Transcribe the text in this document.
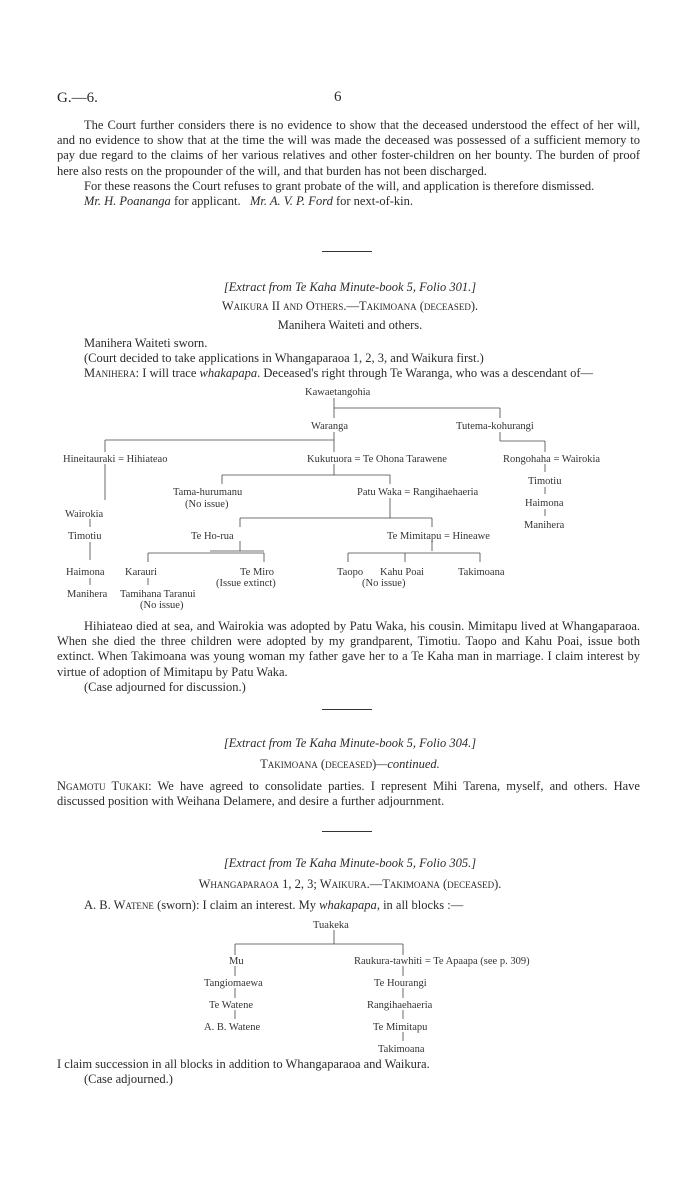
G.—6.	6

The Court further considers there is no evidence to show that the deceased understood the effect of her will, and no evidence to show that at the time the will was made the deceased was possessed of a sufficient memory to pay due regard to the claims of her various relatives and other foster-children on her bounty. The burden of proof here also rests on the propounder of the will, and that burden has not been discharged.

For these reasons the Court refuses to grant probate of the will, and application is therefore dismissed.

Mr. H. Poananga for applicant. Mr. A. V. P. Ford for next-of-kin.

[Extract from Te Kaha Minute-book 5, Folio 301.]
Waikura II and Others.—Takimoana (deceased).
Manihera Waiteti and others.

Manihera Waiteti sworn.

(Court decided to take applications in Whangaparaoa 1, 2, 3, and Waikura first.)

Manihera: I will trace whakapapa. Deceased's right through Te Waranga, who was a descendant of—

Kawaetangohia
Waranga	Tutema-kohurangi
Hineitauraki = Hihiateao	Kukutuora = Te Ohona Tarawene	Rongohaha = Wairokia
Timotiu
Tama-hurumanu
(No issue)
Patu Waka = Rangihaehaeria
Haimona
Wairokia
Manihera
Timotiu	Te Ho-rua	Te Mimitapu = Hineawe
Haimona Karauri	Te Miro
(Issue extinct)
Taopo Kahu Poai
(No issue)
Takimoana
Manihera Tamihana Taranui
(No issue)

Hihiateao died at sea, and Wairokia was adopted by Patu Waka, his cousin. Mimitapu lived at Whangaparaoa. When she died the three children were adopted by my grandparent, Timotiu. Taopo and Kahu Poai, issue both extinct. When Takimoana was young woman my father gave her to a Te Kaha man in marriage. I claim interest by virtue of adoption of Mimitapu by Patu Waka.

(Case adjourned for discussion.)

[Extract from Te Kaha Minute-book 5, Folio 304.]
Takimoana (deceased)—continued.

Ngamotu Tukaki: We have agreed to consolidate parties. I represent Mihi Tarena, myself, and others. Have discussed position with Weihana Delamere, and desire a further adjournment.

[Extract from Te Kaha Minute-book 5, Folio 305.]
Whangaparaoa 1, 2, 3; Waikura.—Takimoana (deceased).

A. B. Watene (sworn): I claim an interest. My whakapapa, in all blocks :—

Tuakeka
Mu	Raukura-tawhiti = Te Apaapa (see p. 309)
Tangiomaewa	Te Hourangi
Te Watene	Rangihaehaeria
A. B. Watene	Te Mimitapu
Takimoana

I claim succession in all blocks in addition to Whangaparaoa and Waikura.

(Case adjourned.)
